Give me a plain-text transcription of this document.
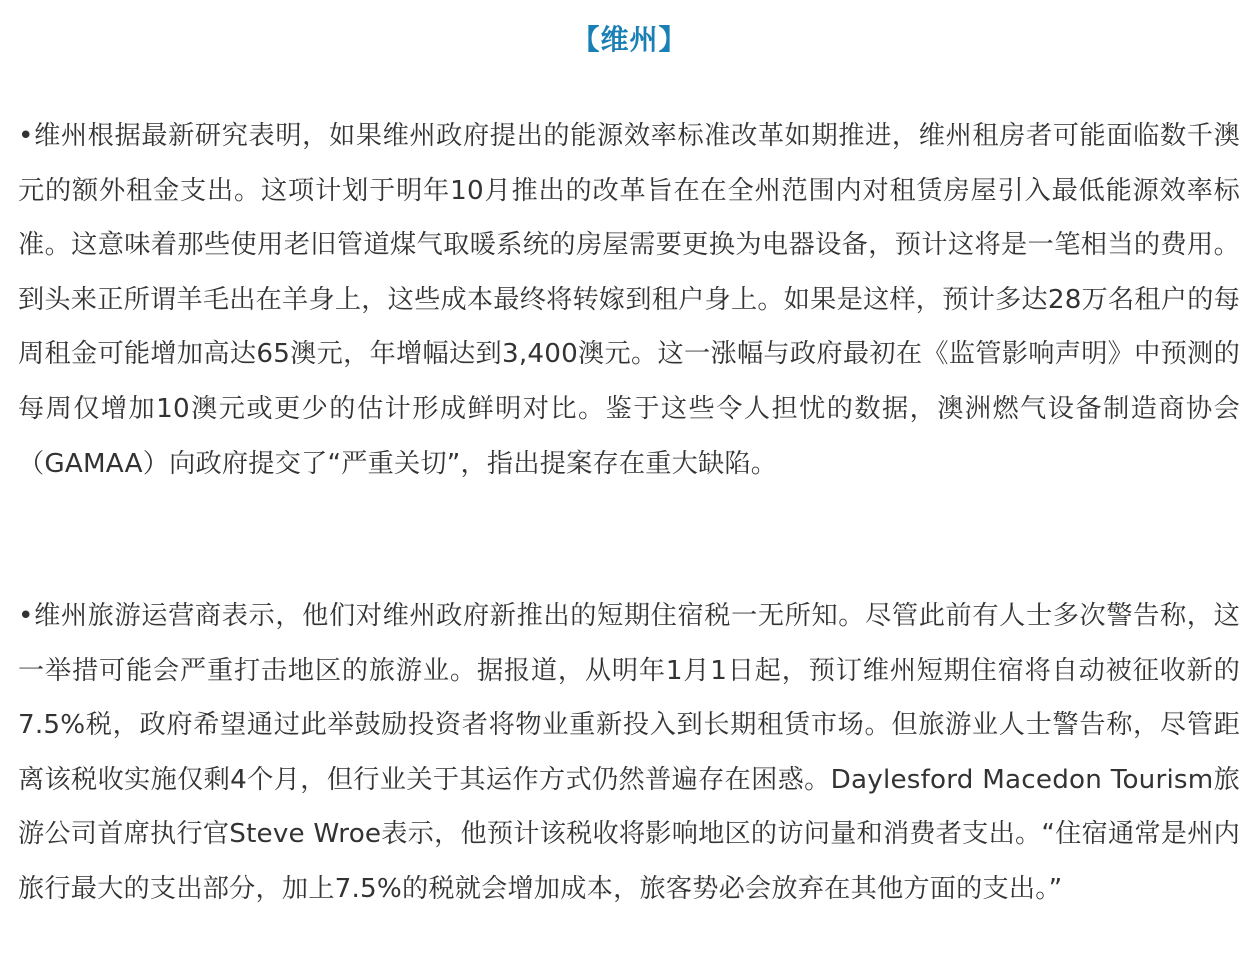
【维州】

•维州根据最新研究表明，如果维州政府提出的能源效率标准改革如期推进，维州租房者可能面临数千澳元的额外租金支出。这项计划于明年10月推出的改革旨在在全州范围内对租赁房屋引入最低能源效率标准。这意味着那些使用老旧管道煤气取暖系统的房屋需要更换为电器设备，预计这将是一笔相当的费用。到头来正所谓羊毛出在羊身上，这些成本最终将转嫁到租户身上。如果是这样，预计多达28万名租户的每周租金可能增加高达65澳元，年增幅达到3,400澳元。这一涨幅与政府最初在《监管影响声明》中预测的每周仅增加10澳元或更少的估计形成鲜明对比。鉴于这些令人担忧的数据，澳洲燃气设备制造商协会（GAMAA）向政府提交了“严重关切”，指出提案存在重大缺陷。

•维州旅游运营商表示，他们对维州政府新推出的短期住宿税一无所知。尽管此前有人士多次警告称，这一举措可能会严重打击地区的旅游业。据报道，从明年1月1日起，预订维州短期住宿将自动被征收新的7.5%税，政府希望通过此举鼓励投资者将物业重新投入到长期租赁市场。但旅游业人士警告称，尽管距离该税收实施仅剩4个月，但行业关于其运作方式仍然普遍存在困惑。Daylesford Macedon Tourism旅游公司首席执行官Steve Wroe表示，他预计该税收将影响地区的访问量和消费者支出。“住宿通常是州内旅行最大的支出部分，加上7.5%的税就会增加成本，旅客势必会放弃在其他方面的支出。”
